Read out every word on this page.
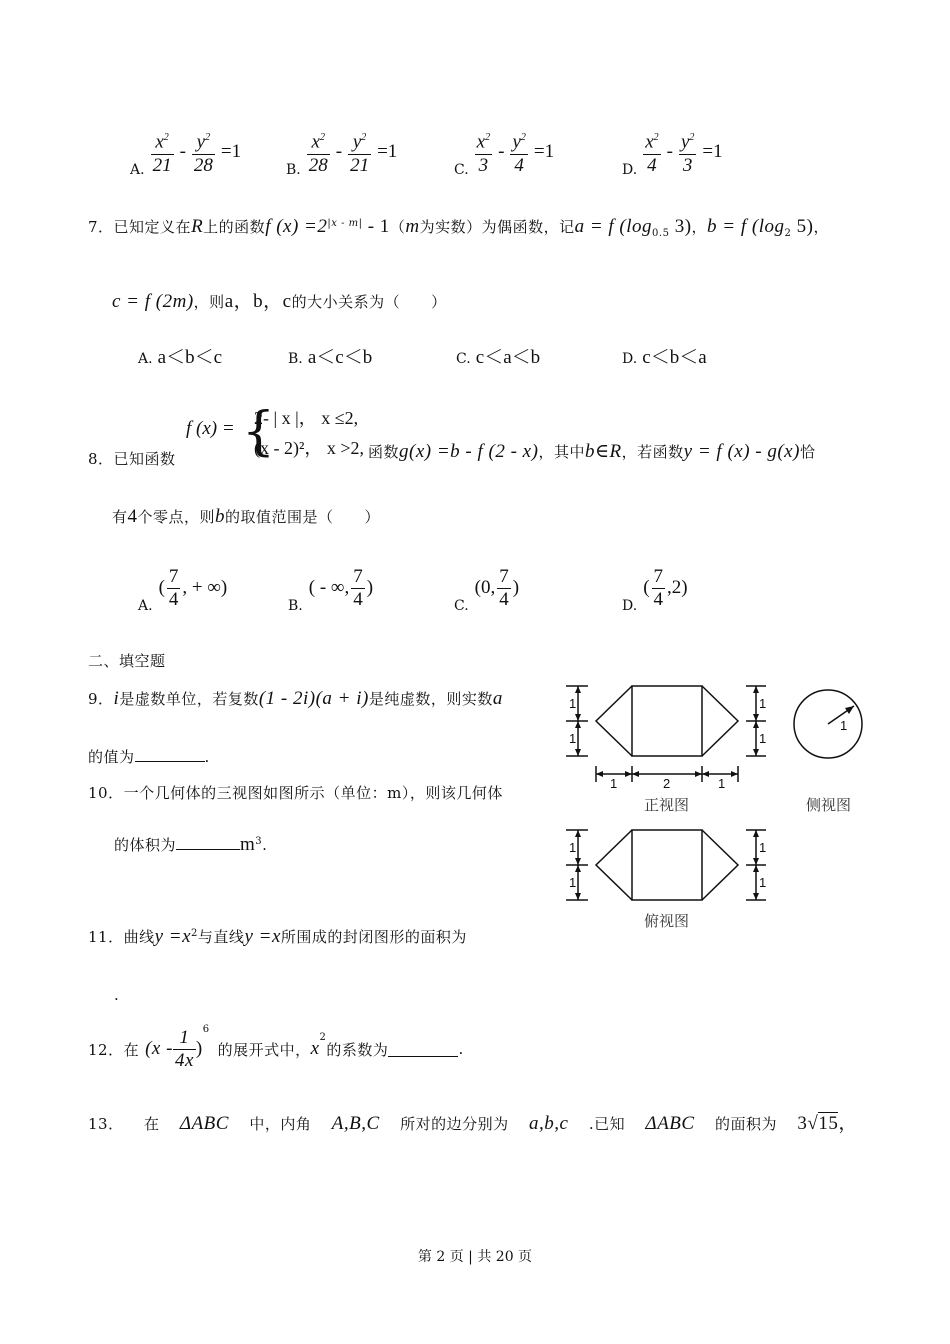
A. $\frac{x^2}{21} - \frac{y^2}{28} =1$
B. $\frac{x^2}{28} - \frac{y^2}{21} =1$
C. $\frac{x^2}{3} - \frac{y^2}{4} =1$
D. $\frac{x^2}{4} - \frac{y^2}{3} =1$
7．已知定义在R上的函数f $(x) =2^{|x - m|} - 1(m$为实数）为偶函数，记a = f ($\log_{0.5}$ 3)，b = f ($\log_2$ 5)，
c = f (2m)，则a，b，c的大小关系为（　　）
A. a＜b＜c	B. a＜c＜b	C. c＜a＜b	D. c＜b＜a
8．已知函数
f (x) = {
2- | x |， x ≤2,
(x - 2)²， x >2, 函数g(x) =b - f (2 - x)，其中b∈R，若函数y = f (x) - g(x)恰
有4个零点，则b的取值范围是（　　）
A.
( $\frac{7}{4}$ , + ∞)
B.
( - ∞, $\frac{7}{4}$ )
C.
(0, $\frac{7}{4}$ )
D.
( $\frac{7}{4} ,2$)
二、填空题
9．i是虚数单位，若复数(1 - 2i)(a + i)是纯虚数，则实数a
的值为	.
10．一个几何体的三视图如图所示（单位：m），则该几何体
的体积为	$m^3$.
1
1
1
1
1	2	1
1
1
1
1
1
正视图	侧视图
俯视图
11．曲线$y =x^2$与直线y =x所围成的封闭图形的面积为
.
12． 在 ($x - \frac{1}{4x}$ )
6
的展开式中， x
2
的系数为	.
13． 在 ΔABC 中，内角 A,B,C 所对的边分别为 a,b,c .已知 ΔABC 的面积为 3√15，
第 2 页 | 共 20 页
